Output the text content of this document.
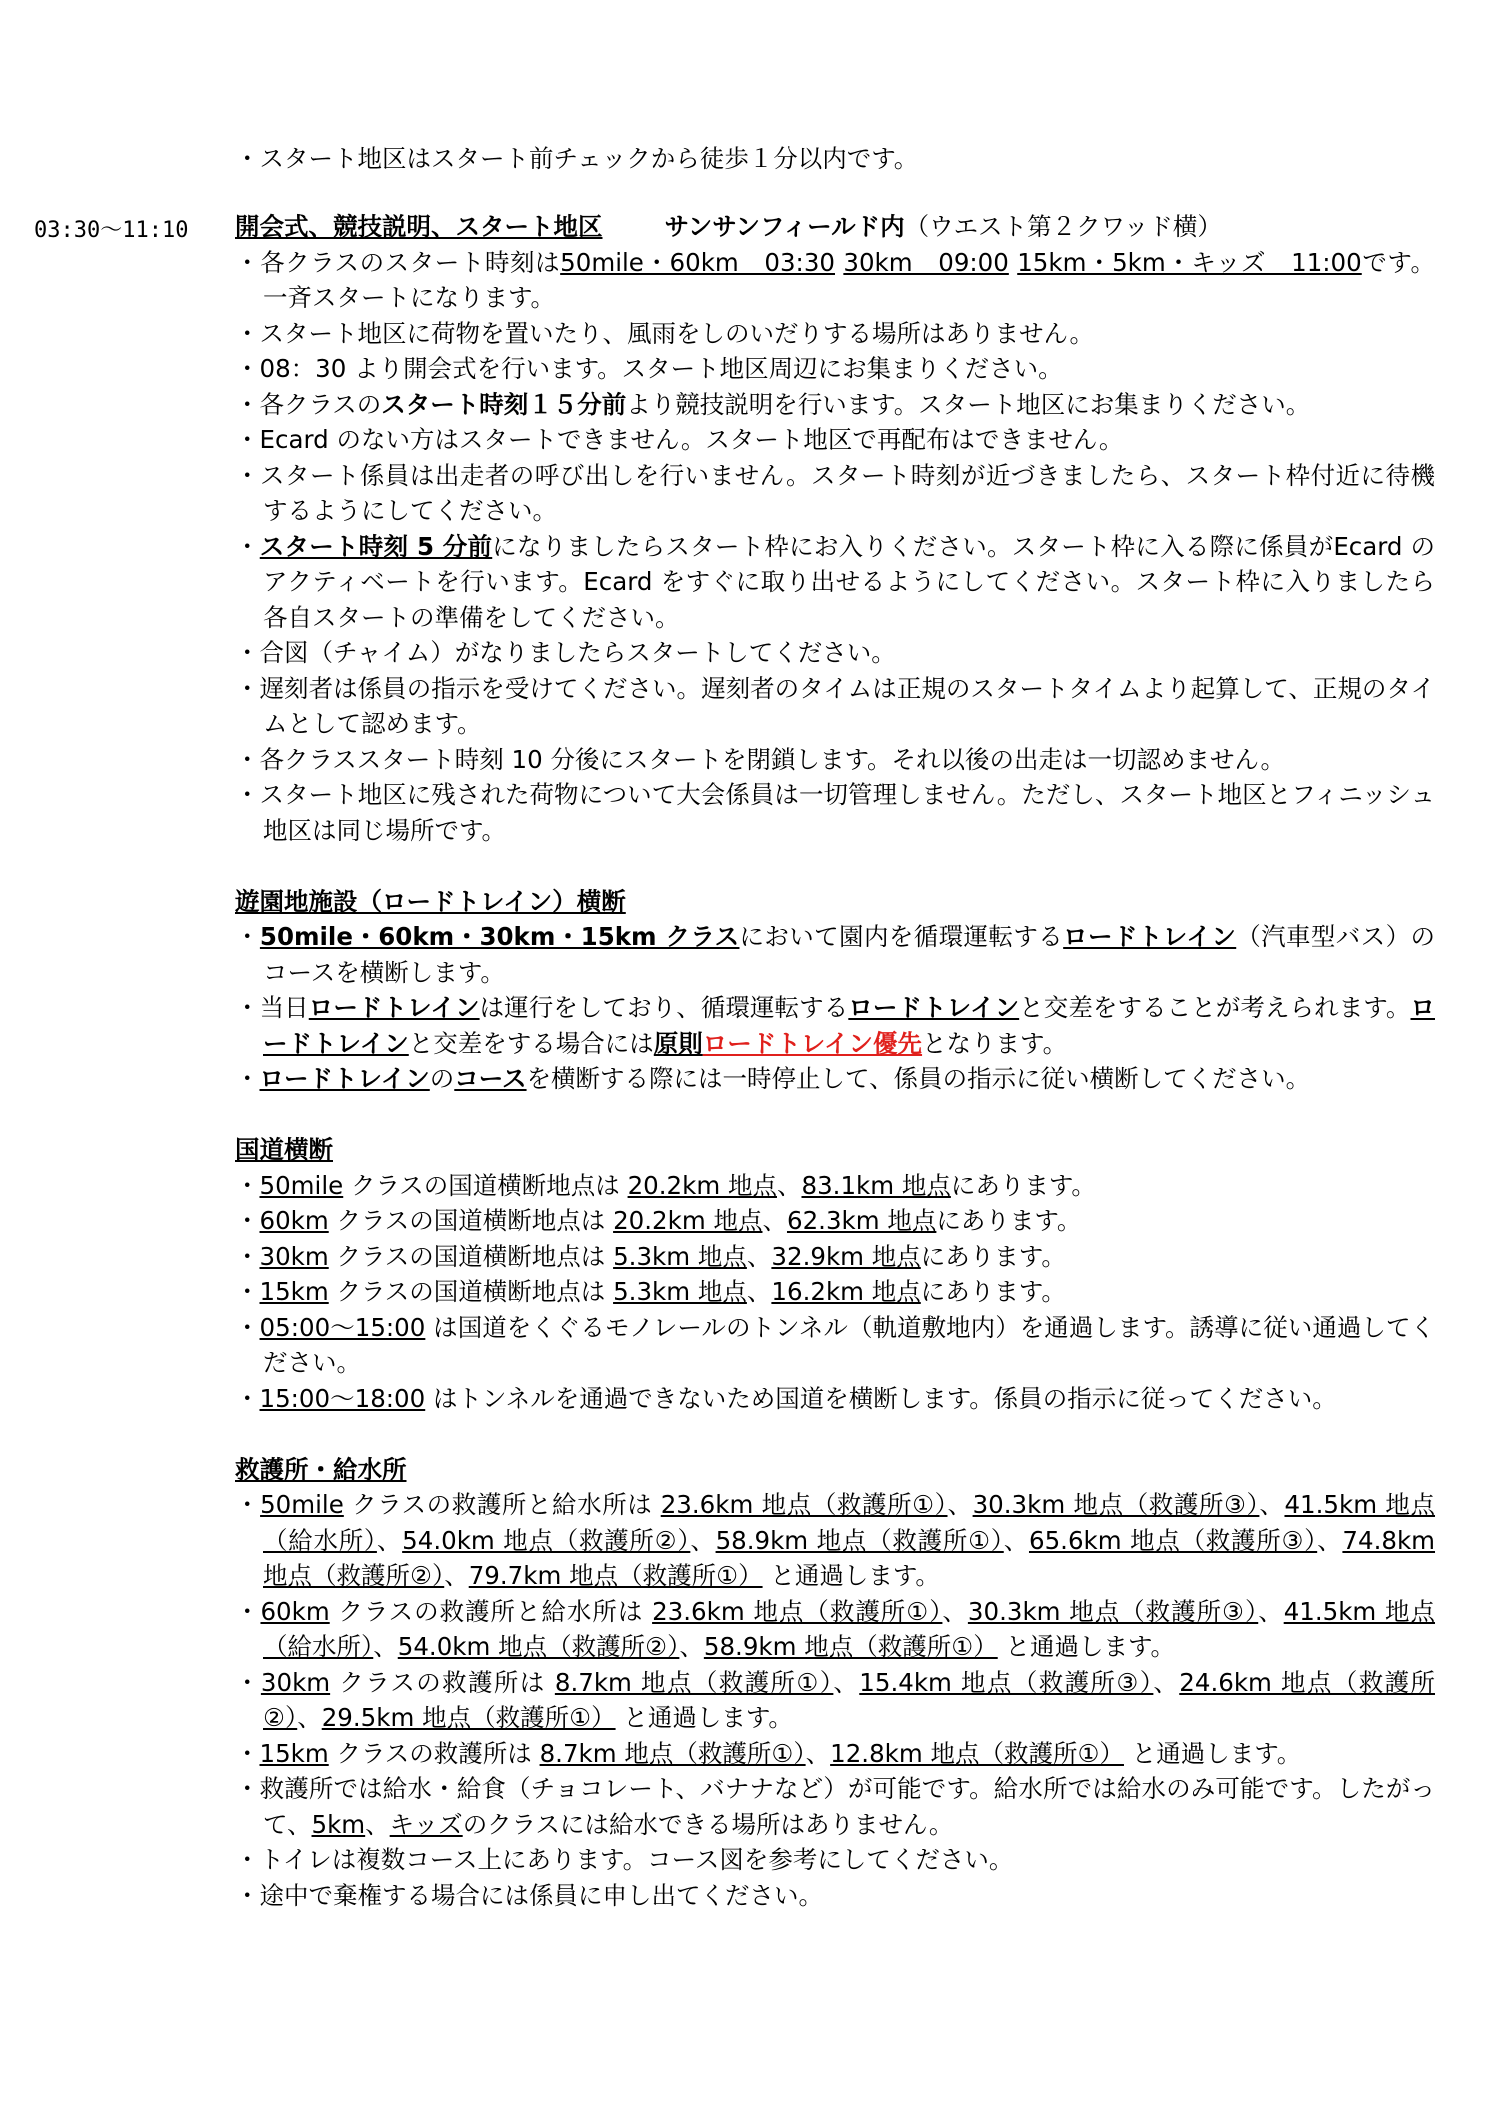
・スタート地区はスタート前チェックから徒歩１分以内です。
03:30～11:10 開会式、競技説明、スタート地区	サンサンフィールド内（ウエスト第２クワッド横）
・各クラスのスタート時刻は50mile・60km　03:30 30km　09:00 15km・5km・キッズ　11:00です。一斉スタートになります。
・スタート地区に荷物を置いたり、風雨をしのいだりする場所はありません。
・08：30 より開会式を行います。スタート地区周辺にお集まりください。
・各クラスのスタート時刻１５分前より競技説明を行います。スタート地区にお集まりください。
・Ecard のない方はスタートできません。スタート地区で再配布はできません。
・スタート係員は出走者の呼び出しを行いません。スタート時刻が近づきましたら、スタート枠付近に待機するようにしてください。
・スタート時刻 5 分前になりましたらスタート枠にお入りください。スタート枠に入る際に係員がEcard のアクティベートを行います。Ecard をすぐに取り出せるようにしてください。スタート枠に入りましたら各自スタートの準備をしてください。
・合図（チャイム）がなりましたらスタートしてください。
・遅刻者は係員の指示を受けてください。遅刻者のタイムは正規のスタートタイムより起算して、正規のタイムとして認めます。
・各クラススタート時刻 10 分後にスタートを閉鎖します。それ以後の出走は一切認めません。
・スタート地区に残された荷物について大会係員は一切管理しません。ただし、スタート地区とフィニッシュ地区は同じ場所です。
遊園地施設（ロードトレイン）横断
・50mile・60km・30km・15km クラスにおいて園内を循環運転するロードトレイン（汽車型バス）のコースを横断します。
・当日ロードトレインは運行をしており、循環運転するロードトレインと交差をすることが考えられます。ロードトレインと交差をする場合には原則ロードトレイン優先となります。
・ロードトレインのコースを横断する際には一時停止して、係員の指示に従い横断してください。
国道横断
・50mile クラスの国道横断地点は 20.2km 地点、83.1km 地点にあります。
・60km クラスの国道横断地点は 20.2km 地点、62.3km 地点にあります。
・30km クラスの国道横断地点は 5.3km 地点、32.9km 地点にあります。
・15km クラスの国道横断地点は 5.3km 地点、16.2km 地点にあります。
・05:00～15:00 は国道をくぐるモノレールのトンネル（軌道敷地内）を通過します。誘導に従い通過してください。
・15:00～18:00 はトンネルを通過できないため国道を横断します。係員の指示に従ってください。
救護所・給水所
・50mile クラスの救護所と給水所は 23.6km 地点（救護所①）、30.3km 地点（救護所③）、41.5km 地点（給水所）、54.0km 地点（救護所②）、58.9km 地点（救護所①）、65.6km 地点（救護所③）、74.8km 地点（救護所②）、79.7km 地点（救護所①） と通過します。
・60km クラスの救護所と給水所は 23.6km 地点（救護所①）、30.3km 地点（救護所③）、41.5km 地点（給水所）、54.0km 地点（救護所②）、58.9km 地点（救護所①） と通過します。
・30km クラスの救護所は 8.7km 地点（救護所①）、15.4km 地点（救護所③）、24.6km 地点（救護所②）、29.5km 地点（救護所①） と通過します。
・15km クラスの救護所は 8.7km 地点（救護所①）、12.8km 地点（救護所①） と通過します。
・救護所では給水・給食（チョコレート、バナナなど）が可能です。給水所では給水のみ可能です。したがって、5km、キッズのクラスには給水できる場所はありません。
・トイレは複数コース上にあります。コース図を参考にしてください。
・途中で棄権する場合には係員に申し出てください。
